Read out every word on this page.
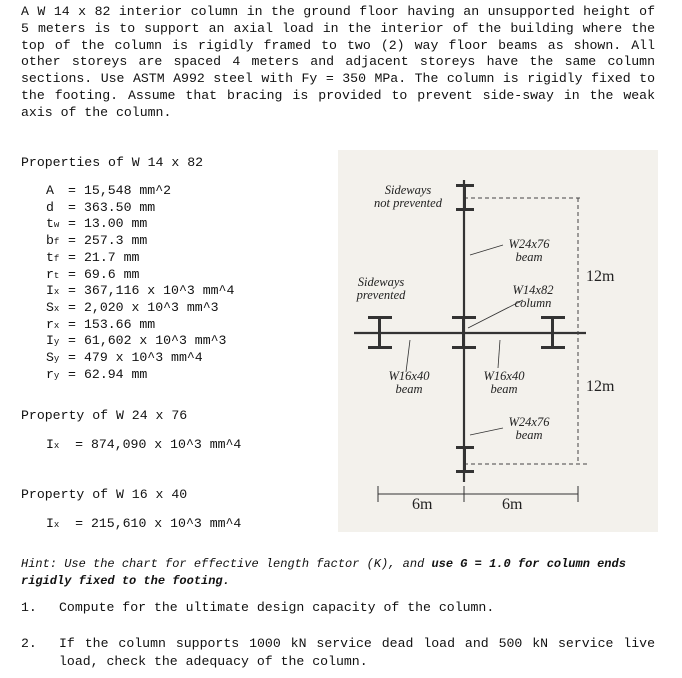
A W 14 x 82 interior column in the ground floor having an unsupported height of 5 meters is to support an axial load in the interior of the building where the top of the column is rigidly framed to two (2) way floor beams as shown. All other storeys are spaced 4 meters and adjacent storeys have the same column sections. Use ASTM A992 steel with Fy = 350 MPa. The column is rigidly fixed to the footing. Assume that bracing is provided to prevent side-sway in the weak axis of the column.

Properties of W 14 x 82

A = 15,548 mm^2
d = 363.50 mm
tw = 13.00 mm
bf = 257.3 mm
tf = 21.7 mm
rt = 69.6 mm
Ix = 367,116 x 10^3 mm^4
Sx = 2,020 x 10^3 mm^3
rx = 153.66 mm
Iy = 61,602 x 10^3 mm^3
Sy = 479 x 10^3 mm^4
ry = 62.94 mm

Property of W 24 x 76

Ix = 874,090 x 10^3 mm^4

Property of W 16 x 40

Ix = 215,610 x 10^3 mm^4
Sideways
not prevented
Sideways
prevented
W24x76
beam
W14x82
column
W16x40
beam
W16x40
beam
W24x76
beam
12m
12m
6m	6m

Hint: Use the chart for effective length factor (K), and use G = 1.0 for column ends rigidly fixed to the footing.

1. Compute for the ultimate design capacity of the column.
2. If the column supports 1000 kN service dead load and 500 kN service live load, check the adequacy of the column.
